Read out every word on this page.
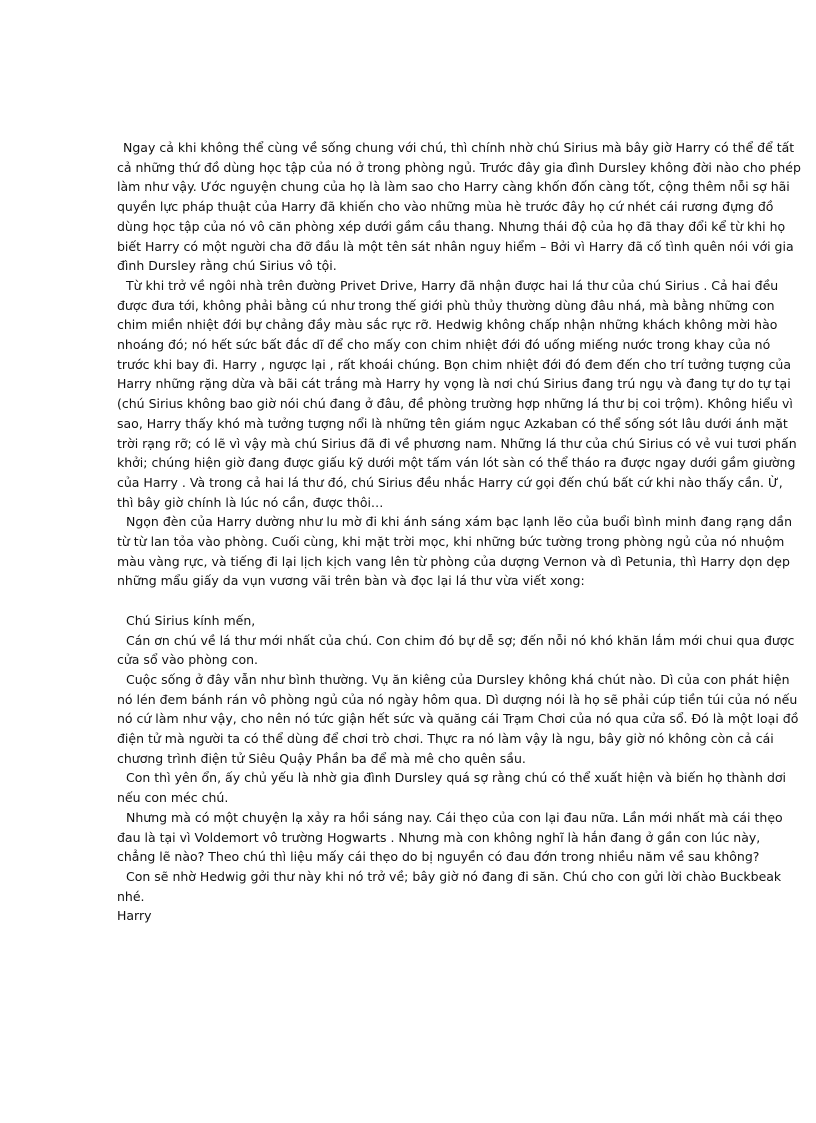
Ngay cả khi không thể cùng về sống chung với chú, thì chính nhờ chú Sirius mà bây giờ Harry có thể để tất cả những thứ đồ dùng học tập của nó ở trong phòng ngủ. Trước đây gia đình Dursley không đời nào cho phép làm như vậy. Ước nguyện chung của họ là làm sao cho Harry càng khốn đốn càng tốt, cộng thêm nỗi sợ hãi quyền lực pháp thuật của Harry đã khiến cho vào những mùa hè trước đây họ cứ nhét cái rương đựng đồ dùng học tập của nó vô căn phòng xép dưới gầm cầu thang. Nhưng thái độ của họ đã thay đổi kể từ khi họ biết Harry có một người cha đỡ đầu là một tên sát nhân nguy hiểm – Bởi vì Harry đã cố tình quên nói với gia đình Dursley rằng chú Sirius vô tội.

Từ khi trở về ngôi nhà trên đường Privet Drive, Harry đã nhận được hai lá thư của chú Sirius . Cả hai đều được đưa tới, không phải bằng cú như trong thế giới phù thủy thường dùng đâu nhá, mà bằng những con chim miền nhiệt đới bự chảng đầy màu sắc rực rỡ. Hedwig không chấp nhận những khách không mời hào nhoáng đó; nó hết sức bất đắc dĩ để cho mấy con chim nhiệt đới đó uống miếng nước trong khay của nó trước khi bay đi. Harry , ngược lại , rất khoái chúng. Bọn chim nhiệt đới đó đem đến cho trí tưởng tượng của Harry những rặng dừa và bãi cát trắng mà Harry hy vọng là nơi chú Sirius đang trú ngụ và đang tự do tự tại (chú Sirius không bao giờ nói chú đang ở đâu, đề phòng trường hợp những lá thư bị coi trộm). Không hiểu vì sao, Harry thấy khó mà tưởng tượng nổi là những tên giám ngục Azkaban có thể sống sót lâu dưới ánh mặt trời rạng rỡ; có lẽ vì vậy mà chú Sirius đã đi về phương nam. Những lá thư của chú Sirius có vẻ vui tươi phấn khởi; chúng hiện giờ đang được giấu kỹ dưới một tấm ván lót sàn có thể tháo ra được ngay dưới gầm giường của Harry . Và trong cả hai lá thư đó, chú Sirius đều nhắc Harry cứ gọi đến chú bất cứ khi nào thấy cần. Ừ, thì bây giờ chính là lúc nó cần, được thôi…

Ngọn đèn của Harry dường như lu mờ đi khi ánh sáng xám bạc lạnh lẽo của buổi bình minh đang rạng dần từ từ lan tỏa vào phòng. Cuối cùng, khi mặt trời mọc, khi những bức tường trong phòng ngủ của nó nhuộm màu vàng rực, và tiếng đi lại lịch kịch vang lên từ phòng của dượng Vernon và dì Petunia, thì Harry dọn dẹp những mẩu giấy da vụn vương vãi trên bàn và đọc lại lá thư vừa viết xong:

Chú Sirius kính mến,

Cán ơn chú về lá thư mới nhất của chú. Con chim đó bự dễ sợ; đến nỗi nó khó khăn lắm mới chui qua được cửa sổ vào phòng con.

Cuộc sống ở đây vẫn như bình thường. Vụ ăn kiêng của Dursley không khá chút nào. Dì của con phát hiện nó lén đem bánh rán vô phòng ngủ của nó ngày hôm qua. Dì dượng nói là họ sẽ phải cúp tiền túi của nó nếu nó cứ làm như vậy, cho nên nó tức giận hết sức và quăng cái Trạm Chơi của nó qua cửa sổ. Đó là một loại đồ điện tử mà người ta có thể dùng để chơi trò chơi. Thực ra nó làm vậy là ngu, bây giờ nó không còn cả cái chương trình điện tử Siêu Quậy Phần ba để mà mê cho quên sầu.

Con thì yên ổn, ấy chủ yếu là nhờ gia đình Dursley quá sợ rằng chú có thể xuất hiện và biến họ thành dơi nếu con méc chú.

Nhưng mà có một chuyện lạ xảy ra hồi sáng nay. Cái thẹo của con lại đau nữa. Lần mới nhất mà cái thẹo đau là tại vì Voldemort vô trường Hogwarts . Nhưng mà con không nghĩ là hắn đang ở gần con lúc này, chẳng lẽ nào? Theo chú thì liệu mấy cái thẹo do bị nguyền có đau đớn trong nhiều năm về sau không?

Con sẽ nhờ Hedwig gởi thư này khi nó trở về; bây giờ nó đang đi săn. Chú cho con gửi lời chào Buckbeak nhé.

Harry
